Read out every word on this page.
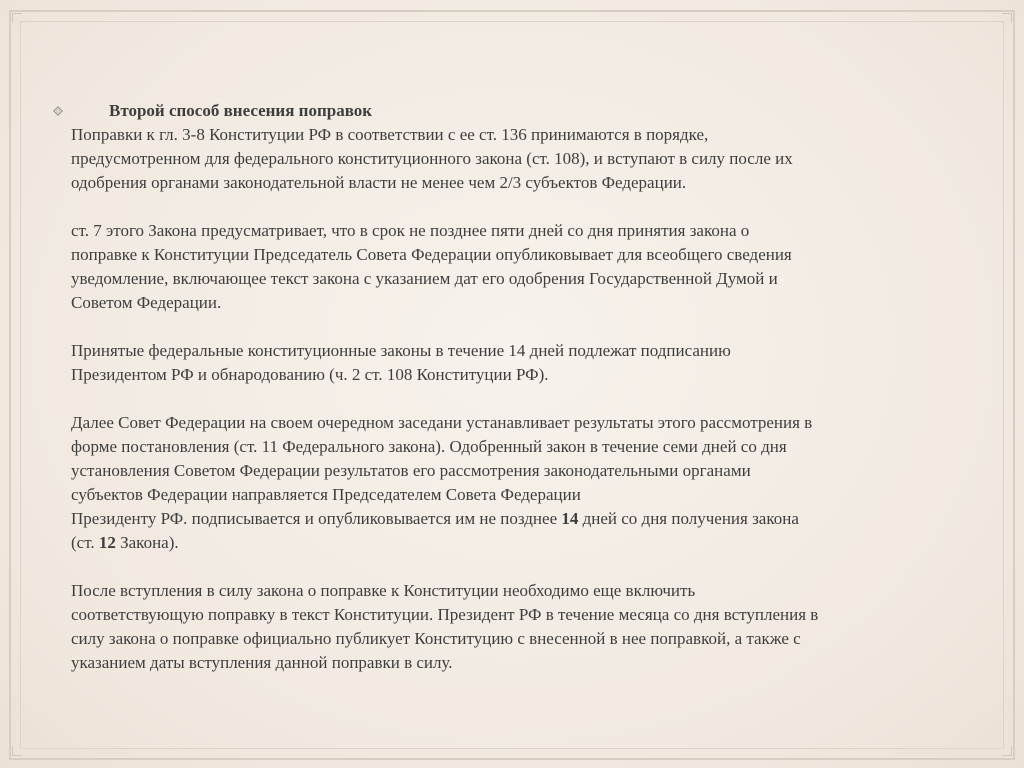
Второй способ внесения поправок
Поправки к гл. 3-8 Конституции РФ в соответствии с ее ст. 136 принимаются в порядке,
предусмотренном для федерального конституционного закона (ст. 108), и вступают в силу после их
одобрения органами законодательной власти не менее чем 2/3 субъектов Федерации.
ст. 7 этого Закона предусматривает, что в срок не позднее пяти дней со дня принятия закона о
поправке к Конституции Председатель Совета Федерации опубликовывает для всеобщего сведения
уведомление, включающее текст закона с указанием дат его одобрения Государственной Думой и
Советом Федерации.
Принятые федеральные конституционные законы в течение 14 дней подлежат подписанию
Президентом РФ и обнародованию (ч. 2 ст. 108 Конституции РФ).
Далее Совет Федерации на своем очередном заседани устанавливает результаты этого рассмотрения в
форме постановления (ст. 11 Федерального закона). Одобренный закон в течение семи дней со дня
установления Советом Федерации результатов его рассмотрения законодательными органами
субъектов Федерации направляется Председателем Совета Федерации
Президенту РФ. подписывается и опубликовывается им не позднее 14 дней со дня получения закона
(ст. 12 Закона).
После вступления в силу закона о поправке к Конституции необходимо еще включить
соответствующую поправку в текст Конституции. Президент РФ в течение месяца со дня вступления в
силу закона о поправке официально публикует Конституцию с внесенной в нее поправкой, а также с
указанием даты вступления данной поправки в силу.
